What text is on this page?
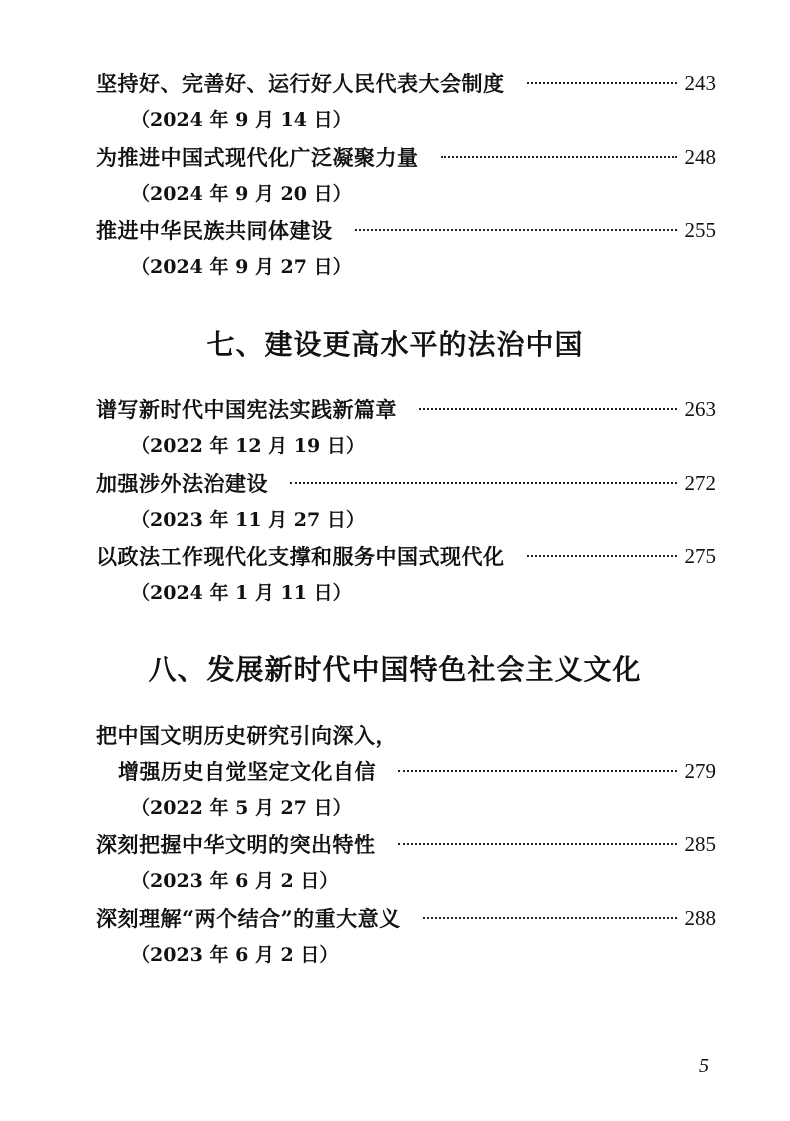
坚持好、完善好、运行好人民代表大会制度	243
（2024 年 9 月 14 日）
为推进中国式现代化广泛凝聚力量	248
（2024 年 9 月 20 日）
推进中华民族共同体建设	255
（2024 年 9 月 27 日）
七、建设更高水平的法治中国
谱写新时代中国宪法实践新篇章	263
（2022 年 12 月 19 日）
加强涉外法治建设	272
（2023 年 11 月 27 日）
以政法工作现代化支撑和服务中国式现代化	275
（2024 年 1 月 11 日）
八、发展新时代中国特色社会主义文化
把中国文明历史研究引向深入，
增强历史自觉坚定文化自信	279
（2022 年 5 月 27 日）
深刻把握中华文明的突出特性	285
（2023 年 6 月 2 日）
深刻理解“两个结合”的重大意义	288
（2023 年 6 月 2 日）
5
